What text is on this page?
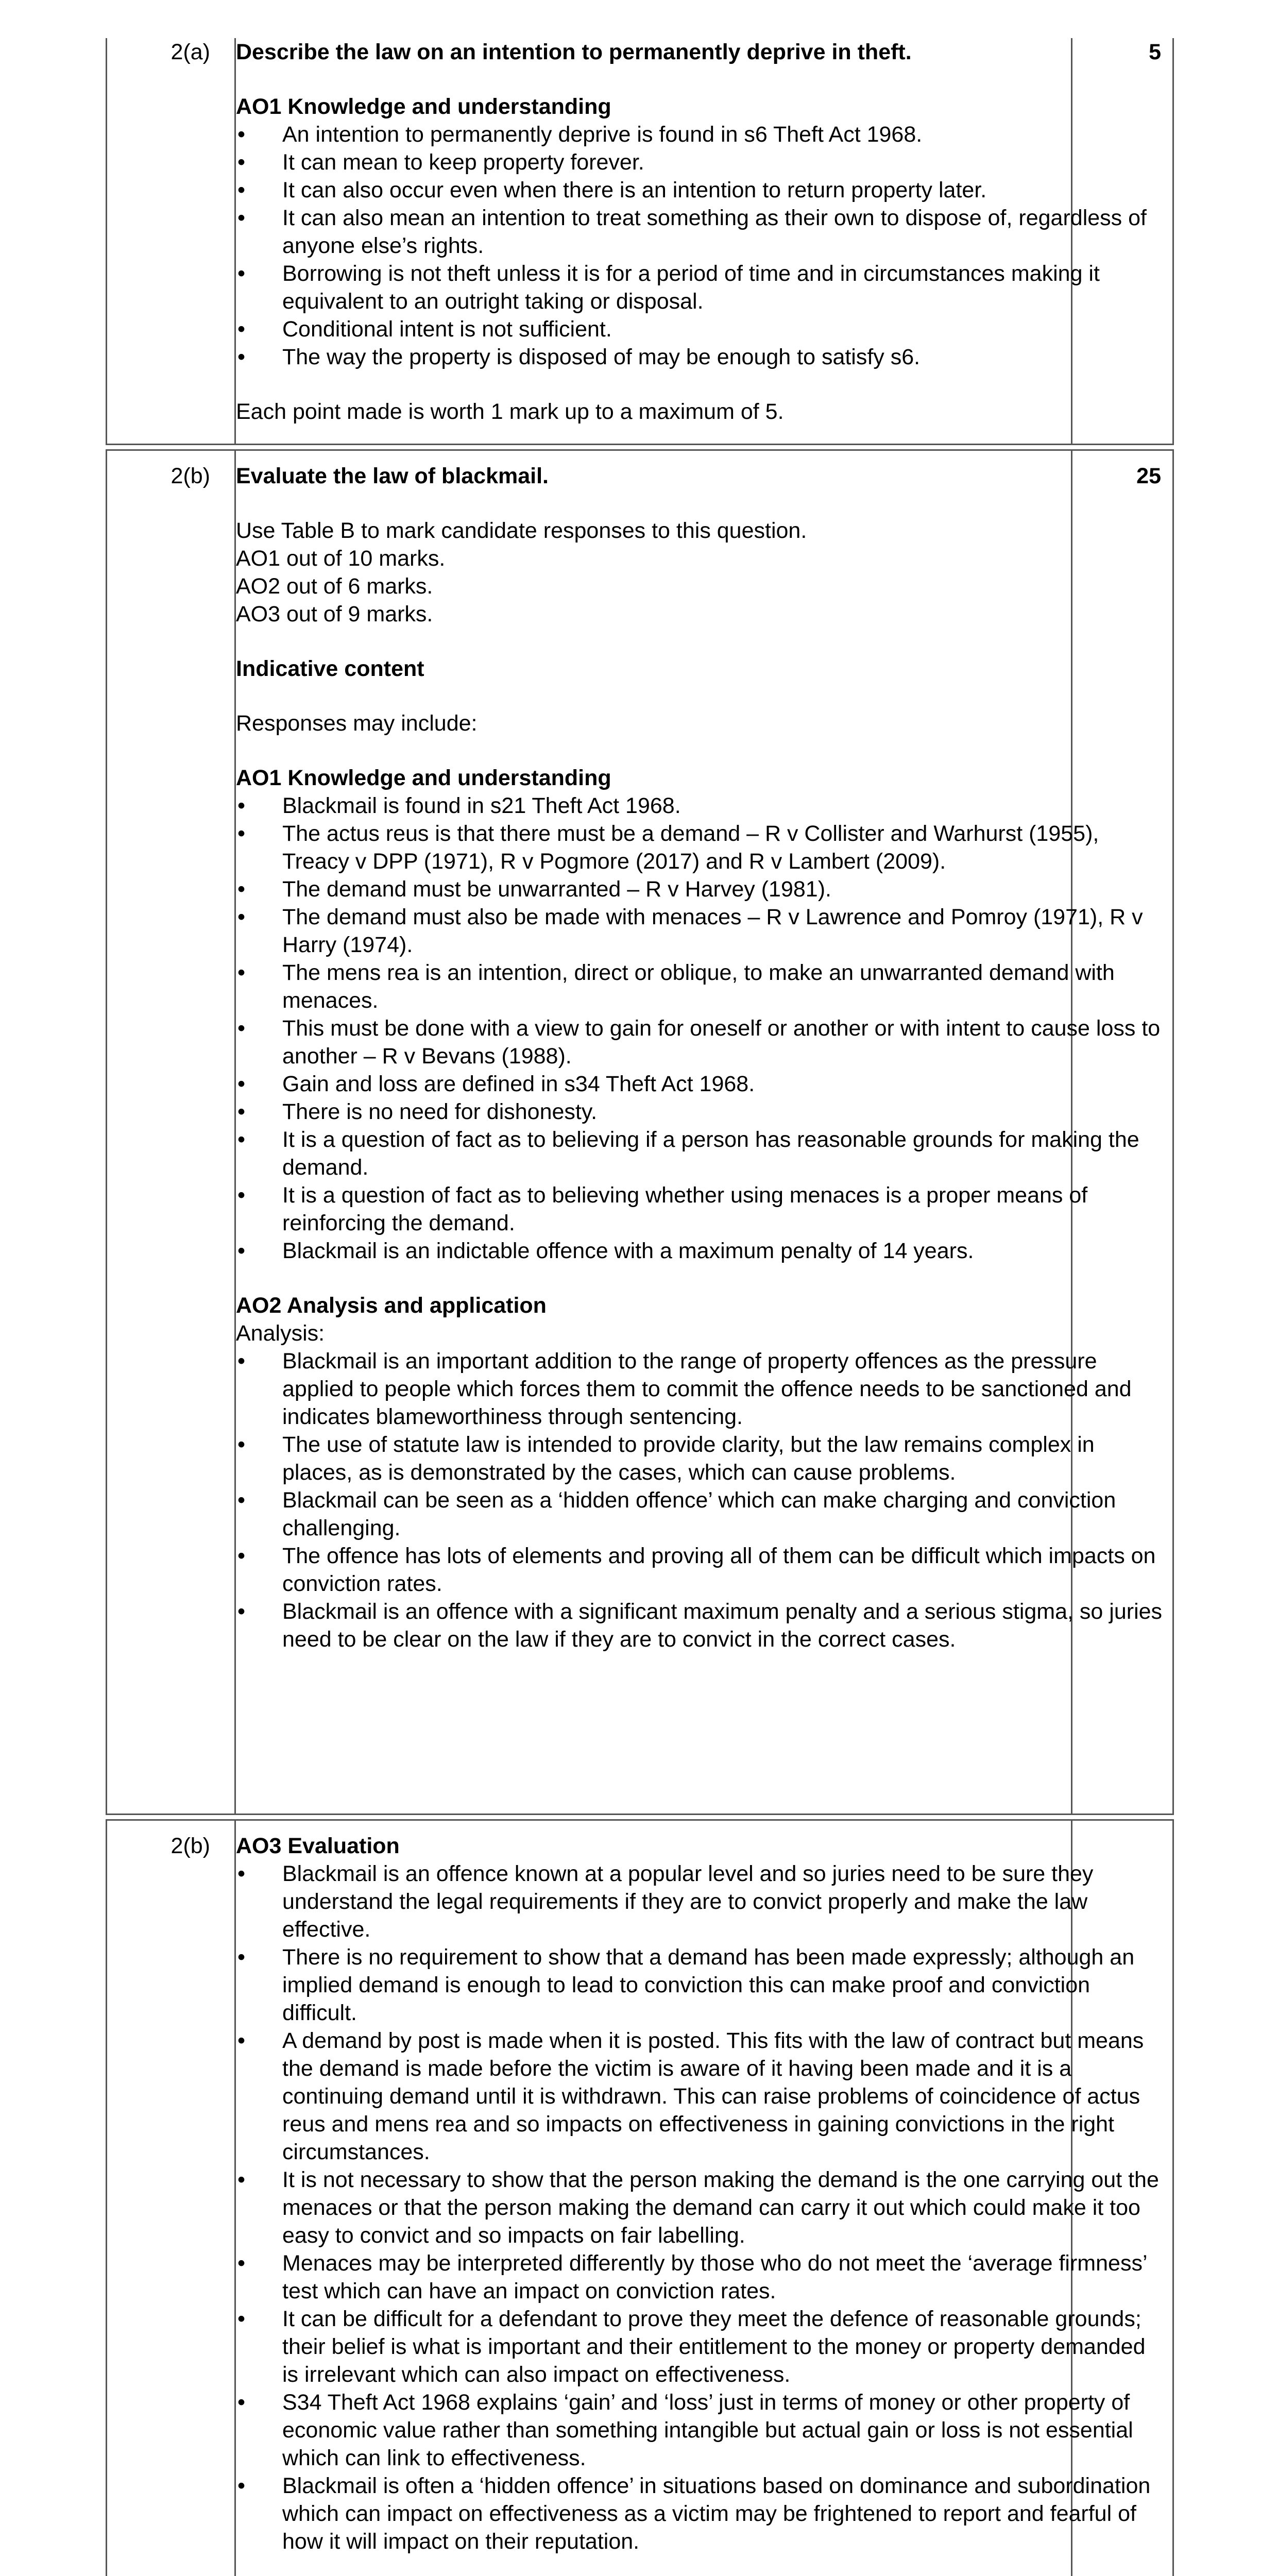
2(a)	5

Describe the law on an intention to permanently deprive in theft.

AO1 Knowledge and understanding

• An intention to permanently deprive is found in s6 Theft Act 1968.
• It can mean to keep property forever.
• It can also occur even when there is an intention to return property later.
• It can also mean an intention to treat something as their own to dispose of, regardless of anyone else’s rights.
• Borrowing is not theft unless it is for a period of time and in circumstances making it equivalent to an outright taking or disposal.
• Conditional intent is not sufficient.
• The way the property is disposed of may be enough to satisfy s6.

Each point made is worth 1 mark up to a maximum of 5.

2(b)	25

Evaluate the law of blackmail.

Use Table B to mark candidate responses to this question.

AO1 out of 10 marks.

AO2 out of 6 marks.

AO3 out of 9 marks.

Indicative content

Responses may include:

AO1 Knowledge and understanding

• Blackmail is found in s21 Theft Act 1968.
• The actus reus is that there must be a demand – R v Collister and Warhurst (1955), Treacy v DPP (1971), R v Pogmore (2017) and R v Lambert (2009).
• The demand must be unwarranted – R v Harvey (1981).
• The demand must also be made with menaces – R v Lawrence and Pomroy (1971), R v Harry (1974).
• The mens rea is an intention, direct or oblique, to make an unwarranted demand with menaces.
• This must be done with a view to gain for oneself or another or with intent to cause loss to another – R v Bevans (1988).
• Gain and loss are defined in s34 Theft Act 1968.
• There is no need for dishonesty.
• It is a question of fact as to believing if a person has reasonable grounds for making the demand.
• It is a question of fact as to believing whether using menaces is a proper means of reinforcing the demand.
• Blackmail is an indictable offence with a maximum penalty of 14 years.

AO2 Analysis and application

Analysis:

• Blackmail is an important addition to the range of property offences as the pressure applied to people which forces them to commit the offence needs to be sanctioned and indicates blameworthiness through sentencing.
• The use of statute law is intended to provide clarity, but the law remains complex in places, as is demonstrated by the cases, which can cause problems.
• Blackmail can be seen as a ‘hidden offence’ which can make charging and conviction challenging.
• The offence has lots of elements and proving all of them can be difficult which impacts on conviction rates.
• Blackmail is an offence with a significant maximum penalty and a serious stigma, so juries need to be clear on the law if they are to convict in the correct cases.
2(b) AO3 Evaluation

• Blackmail is an offence known at a popular level and so juries need to be sure they understand the legal requirements if they are to convict properly and make the law effective.
• There is no requirement to show that a demand has been made expressly; although an implied demand is enough to lead to conviction this can make proof and conviction difficult.
• A demand by post is made when it is posted. This fits with the law of contract but means the demand is made before the victim is aware of it having been made and it is a continuing demand until it is withdrawn. This can raise problems of coincidence of actus reus and mens rea and so impacts on effectiveness in gaining convictions in the right circumstances.
• It is not necessary to show that the person making the demand is the one carrying out the menaces or that the person making the demand can carry it out which could make it too easy to convict and so impacts on fair labelling.
• Menaces may be interpreted differently by those who do not meet the ‘average firmness’ test which can have an impact on conviction rates.
• It can be difficult for a defendant to prove they meet the defence of reasonable grounds; their belief is what is important and their entitlement to the money or property demanded is irrelevant which can also impact on effectiveness.
• S34 Theft Act 1968 explains ‘gain’ and ‘loss’ just in terms of money or other property of economic value rather than something intangible but actual gain or loss is not essential which can link to effectiveness.
• Blackmail is often a ‘hidden offence’ in situations based on dominance and subordination which can impact on effectiveness as a victim may be frightened to report and fearful of how it will impact on their reputation.
